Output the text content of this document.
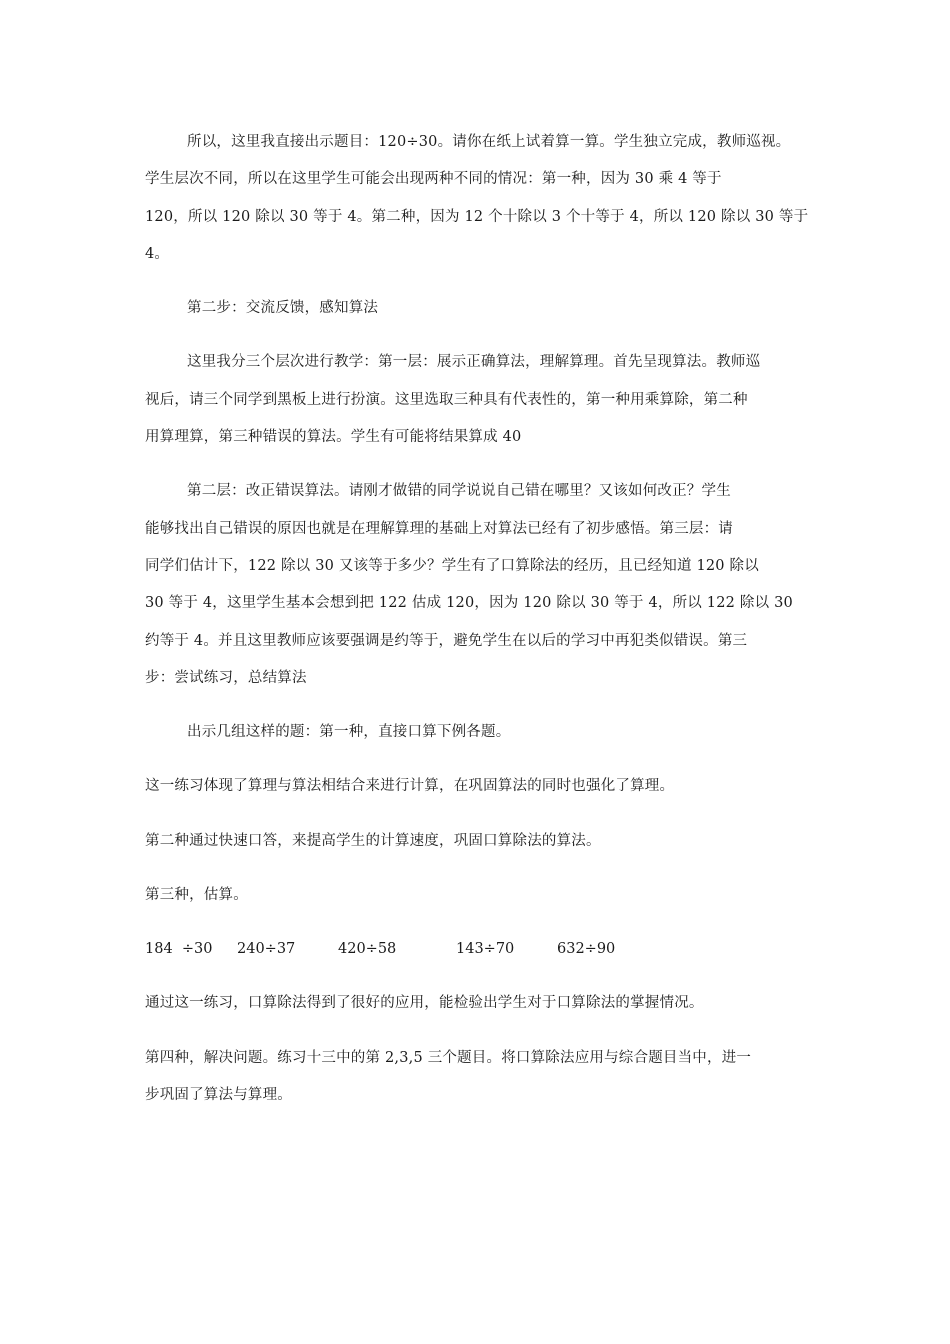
所以，这里我直接出示题目：120÷30。请你在纸上试着算一算。学生独立完成，教师巡视。
学生层次不同，所以在这里学生可能会出现两种不同的情况：第一种，因为 30 乘 4 等于
120，所以 120 除以 30 等于 4。第二种，因为 12 个十除以 3 个十等于 4，所以 120 除以 30 等于
4。

第二步：交流反馈，感知算法

这里我分三个层次进行教学：第一层：展示正确算法，理解算理。首先呈现算法。教师巡
视后，请三个同学到黑板上进行扮演。这里选取三种具有代表性的，第一种用乘算除，第二种
用算理算，第三种错误的算法。学生有可能将结果算成 40

第二层：改正错误算法。请刚才做错的同学说说自己错在哪里？又该如何改正？学生
能够找出自己错误的原因也就是在理解算理的基础上对算法已经有了初步感悟。第三层：请
同学们估计下，122 除以 30 又该等于多少？学生有了口算除法的经历，且已经知道 120 除以
30 等于 4，这里学生基本会想到把 122 估成 120，因为 120 除以 30 等于 4，所以 122 除以 30
约等于 4。并且这里教师应该要强调是约等于，避免学生在以后的学习中再犯类似错误。第三
步：尝试练习，总结算法

出示几组这样的题：第一种，直接口算下例各题。

这一练习体现了算理与算法相结合来进行计算，在巩固算法的同时也强化了算理。

第二种通过快速口答，来提高学生的计算速度，巩固口算除法的算法。

第三种，估算。

184  ÷30 240÷37	420÷58	143÷70	632÷90

通过这一练习，口算除法得到了很好的应用，能检验出学生对于口算除法的掌握情况。

第四种，解决问题。练习十三中的第 2,3,5 三个题目。将口算除法应用与综合题目当中，进一
步巩固了算法与算理。
